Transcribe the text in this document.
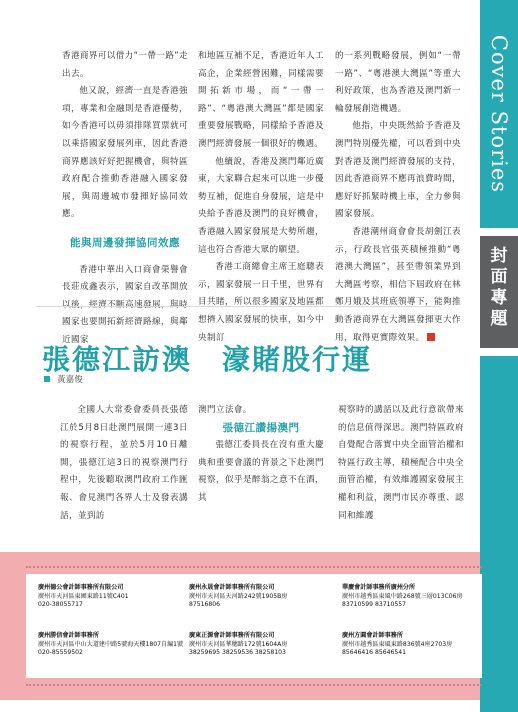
Cover Stories
封
面
專
題

香港商界可以借力“一帶一路”走出去。

他又說，經濟一直是香港強項，專業和金融則是香港優勢，如今香港可以毋須排隊買票就可以乘搭國家發展列車，因此香港商界應該好好把握機會，與特區政府配合推動香港融入國家發展，與周邊城市發揮好協同效應。

能與周邊發揮協同效應

香港中華出入口商會榮譽會長莊成鑫表示，國家自改革開放以後，經濟不斷高速發展，與時國家也要開拓新經濟路線，與鄰近國家

和地區互補不足，香港近年人工高企，企業經營困難，同樣需要開拓新市場，而“一帶一路”、“粵港澳大灣區”都是國家重要發展戰略，同樣給予香港及澳門經濟發展一個很好的機遇。

他續說，香港及澳門鄰近廣東，大家聯合起來可以進一步優勢互補，促進自身發展，這是中央給予香港及澳門的良好機會，香港融入國家發展是大勢所趨，這也符合香港大眾的願望。

香港工商總會主席王庭聰表示，國家發展一日千里，世界有目共睹，所以很多國家及地區都想擠入國家發展的快車，如今中央制訂

的一系列戰略發展，例如“一帶一路”、“粵港澳大灣區”等重大利好政策，也為香港及澳門新一輪發展創造機遇。

他指，中央既然給予香港及澳門特別優先權，可以看到中央對香港及澳門經濟發展的支持，因此香港商界不應再浪費時間，應好好抓緊時機上車，全力參與國家發展。

香港潮州商會會長胡劍江表示，行政長官張英積極推動“粵港澳大灣區”，甚至帶領業界到大灣區考察，相信下屆政府在林鄭月娥及其班底領導下，能夠推動香港商界在大灣區發揮更大作用，取得更實際效果。

張德江訪澳　濠賭股行運
黃嘉俊

全國人大常委會委員長張德江於5月8日赴澳門展開一連3日的視察行程，並於5月10日離開，張德江這3日的視察澳門行程中，先後聽取澳門政府工作匯報、會見澳門各界人士及發表講話，並到訪

澳門立法會。

張德江讚揚澳門

張德江委員長在沒有重大慶典和重要會議的背景之下赴澳門視察，似乎是醉翁之意不在酒，其

視察時的講話以及此行意欲帶來的信息值得深思。澳門特區政府自覺配合落實中央全面管治權和特區行政主導，積極配合中央全面管治權，有效維護國家發展主權和利益，澳門市民亦尊重、認同和維護

廣州德公會計師事務所有限公司
廣州市天河區東圃東路11號C401
020-38055717
廣州永晟會計師事務所有限公司
廣州市天河區天河路242號1905B房
87516806
華慶會計師事務所廣州分所
廣州市越秀區東風中路268號三層013C06房
83710599 83710557
廣州勝信會計師事務所
廣州市天河區中山大道建中路5號海天樓1807自編1號
020-85559502
廣東正源會計師事務所有限公司
廣州市天河區華穗路172號1604A房
38259695 38259536 38258103
廣州方圓會計師事務所
廣州市越秀區東風東路836號4座2703房
85646416 85646541
